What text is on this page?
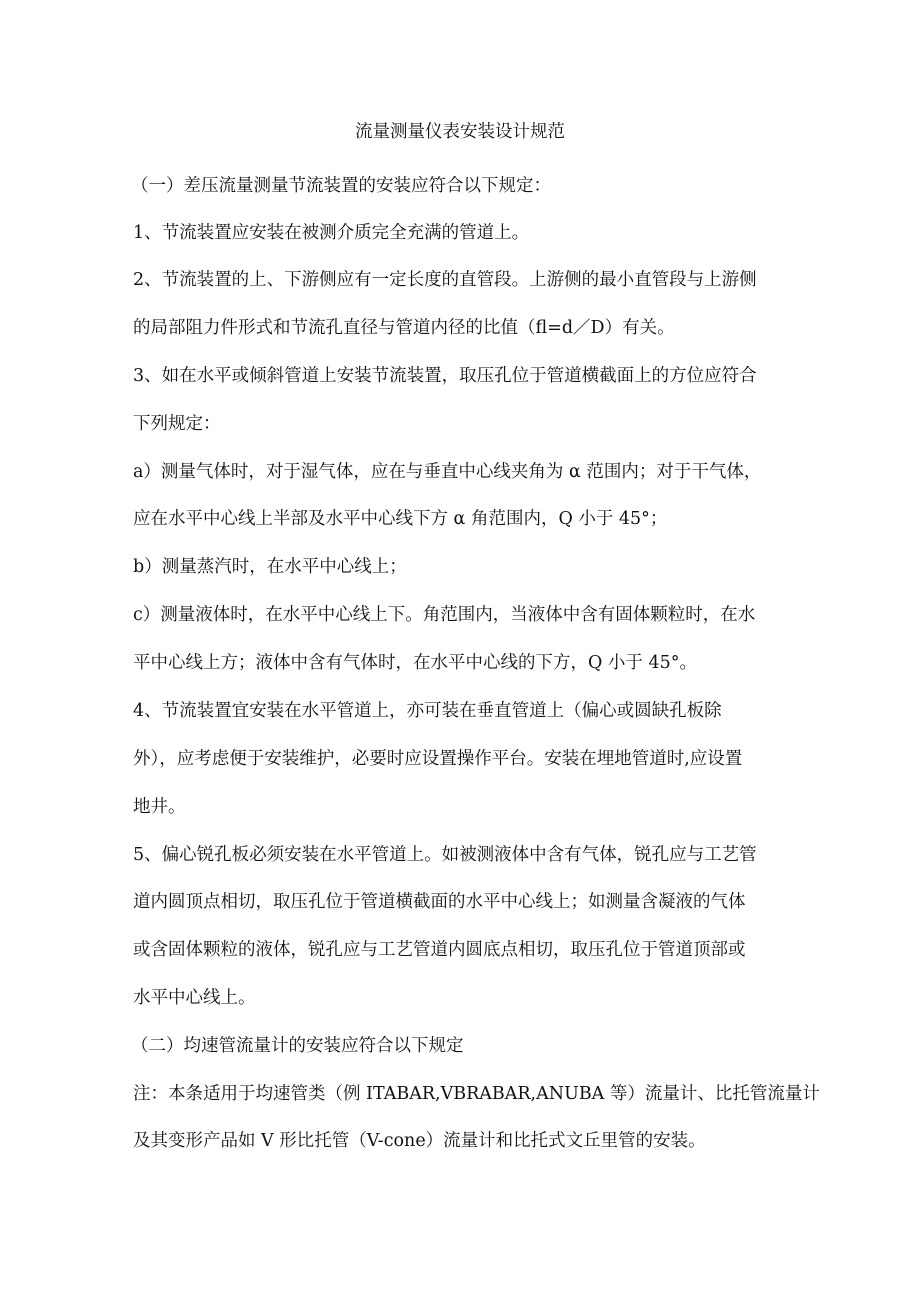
流量测量仪表安装设计规范
（一）差压流量测量节流装置的安装应符合以下规定：
1、节流装置应安装在被测介质完全充满的管道上。
2、节流装置的上、下游侧应有一定长度的直管段。上游侧的最小直管段与上游侧
的局部阻力件形式和节流孔直径与管道内径的比值（fl=d／D）有关。
3、如在水平或倾斜管道上安装节流装置，取压孔位于管道横截面上的方位应符合
下列规定：
a）测量气体时，对于湿气体，应在与垂直中心线夹角为 α 范围内；对于干气体，
应在水平中心线上半部及水平中心线下方 α 角范围内，Q 小于 45°；
b）测量蒸汽时，在水平中心线上；
c）测量液体时，在水平中心线上下。角范围内，当液体中含有固体颗粒时，在水
平中心线上方；液体中含有气体时，在水平中心线的下方，Q 小于 45°。
4、节流装置宜安装在水平管道上，亦可装在垂直管道上（偏心或圆缺孔板除
外），应考虑便于安装维护，必要时应设置操作平台。安装在埋地管道时,应设置
地井。
5、偏心锐孔板必须安装在水平管道上。如被测液体中含有气体，锐孔应与工艺管
道内圆顶点相切，取压孔位于管道横截面的水平中心线上；如测量含凝液的气体
或含固体颗粒的液体，锐孔应与工艺管道内圆底点相切，取压孔位于管道顶部或
水平中心线上。
（二）均速管流量计的安装应符合以下规定
注：本条适用于均速管类（例 ITABAR,VBRABAR,ANUBA 等）流量计、比托管流量计
及其变形产品如 V 形比托管（V-cone）流量计和比托式文丘里管的安装。
